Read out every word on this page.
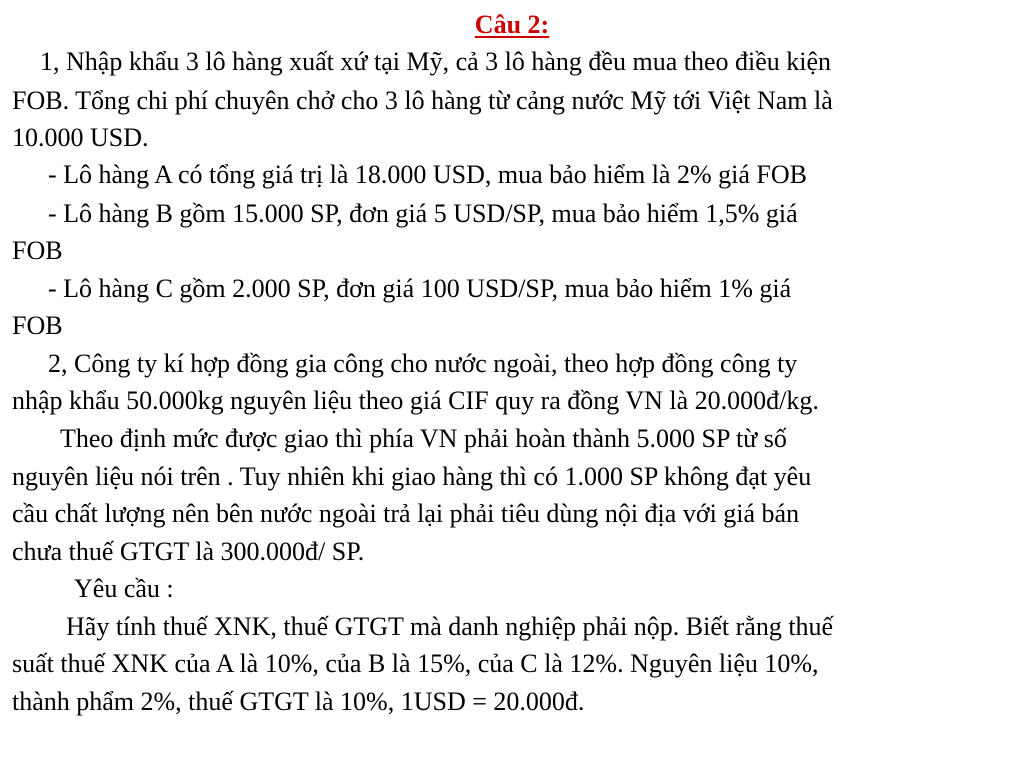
Câu 2:
1, Nhập khẩu 3 lô hàng xuất xứ tại Mỹ, cả 3 lô hàng đều mua theo điều kiện
FOB. Tổng chi phí chuyên chở cho 3 lô hàng từ cảng nước Mỹ tới Việt Nam là
10.000 USD.
- Lô hàng A có tổng giá trị là 18.000 USD, mua bảo hiểm là 2% giá FOB
- Lô hàng B gồm 15.000 SP, đơn giá 5 USD/SP, mua bảo hiểm 1,5% giá
FOB
- Lô hàng C gồm 2.000 SP, đơn giá 100 USD/SP, mua bảo hiểm 1% giá
FOB
2, Công ty kí hợp đồng gia công cho nước ngoài, theo hợp đồng công ty
nhập khẩu 50.000kg nguyên liệu theo giá CIF quy ra đồng VN là 20.000đ/kg.
Theo định mức được giao thì phía VN phải hoàn thành 5.000 SP từ số
nguyên liệu nói trên . Tuy nhiên khi giao hàng thì có 1.000 SP không đạt yêu
cầu chất lượng nên bên nước ngoài trả lại phải tiêu dùng nội địa với giá bán
chưa thuế GTGT là 300.000đ/ SP.
Yêu cầu :
Hãy tính thuế XNK, thuế GTGT mà danh nghiệp phải nộp. Biết rằng thuế
suất thuế XNK của A là 10%, của B là 15%, của C là 12%. Nguyên liệu 10%,
thành phẩm 2%, thuế GTGT là 10%, 1USD = 20.000đ.
